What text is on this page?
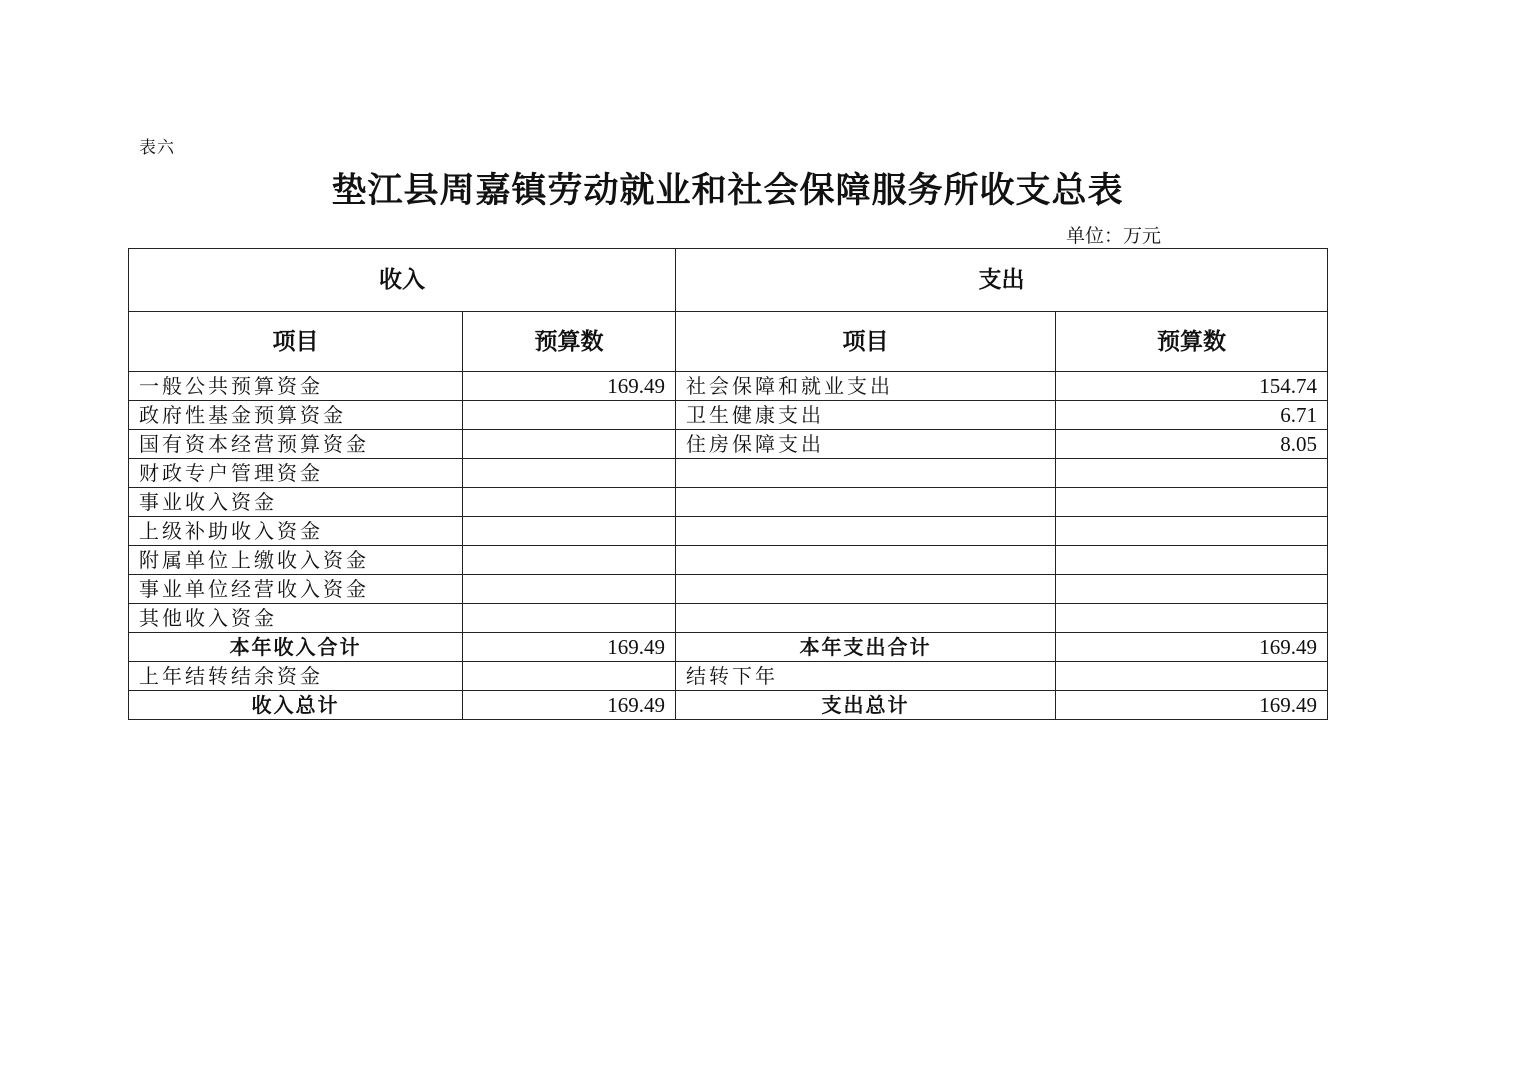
表六
垫江县周嘉镇劳动就业和社会保障服务所收支总表
单位：万元
收入		支出	
项目	预算数	项目	预算数
一般公共预算资金	169.49	社会保障和就业支出	154.74
政府性基金预算资金		卫生健康支出	6.71
国有资本经营预算资金		住房保障支出	8.05
财政专户管理资金			
事业收入资金			
上级补助收入资金			
附属单位上缴收入资金			
事业单位经营收入资金			
其他收入资金			
本年收入合计	169.49	本年支出合计	169.49
上年结转结余资金		结转下年	
收入总计	169.49	支出总计	169.49
